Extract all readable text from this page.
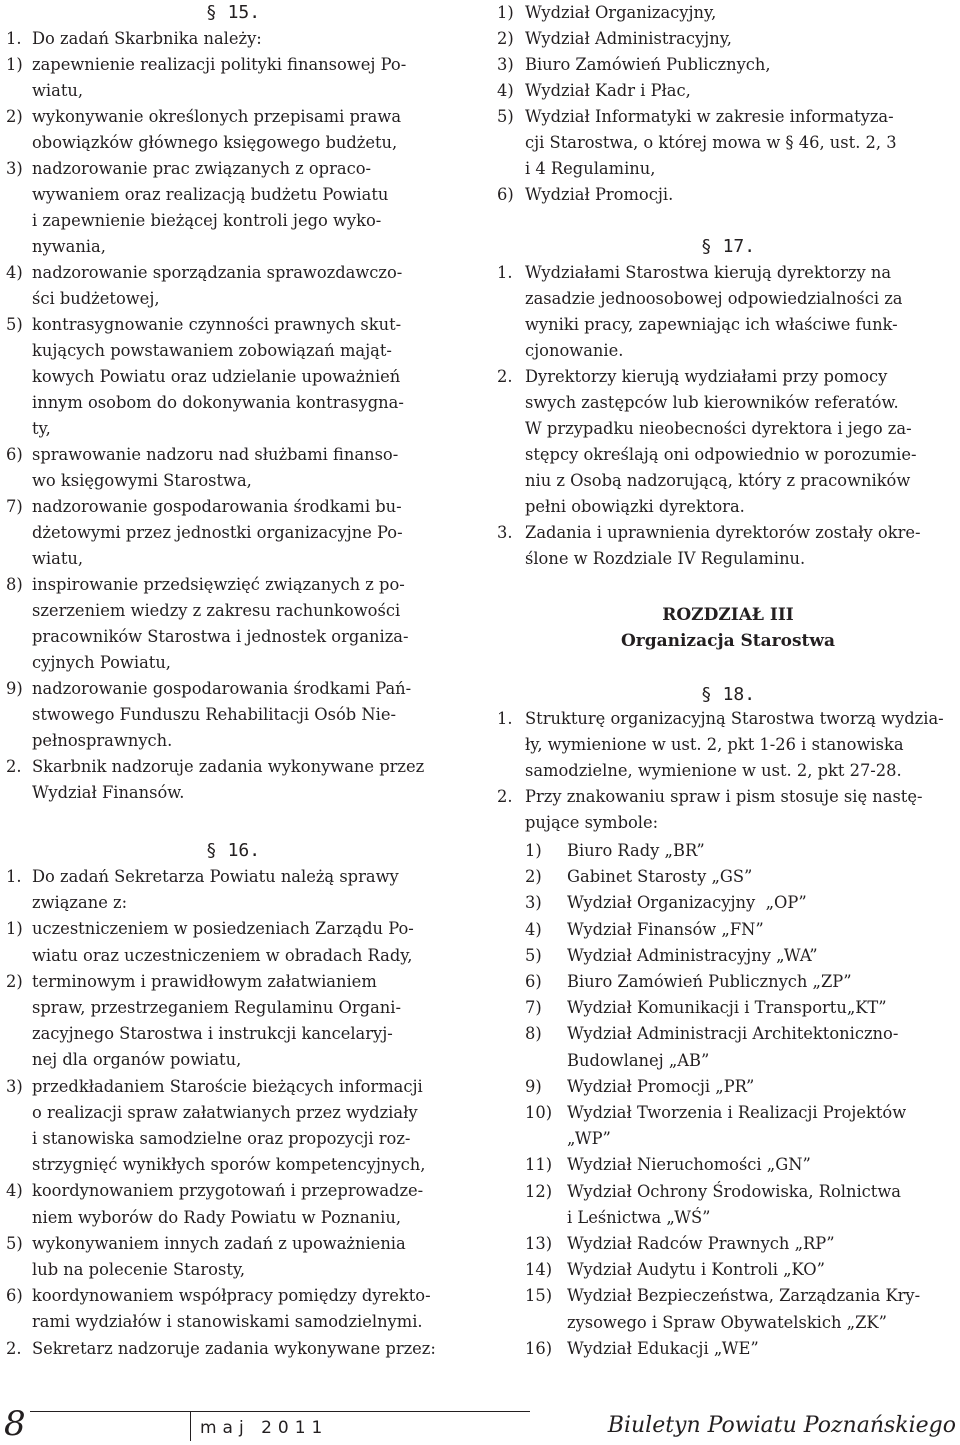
§ 15.
1. Do zadań Skarbnika należy:
1) zapewnienie realizacji polityki finansowej Po-
wiatu,
2) wykonywanie określonych przepisami prawa
obowiązków głównego księgowego budżetu,
3) nadzorowanie prac związanych z opraco-
wywaniem oraz realizacją budżetu Powiatu
i zapewnienie bieżącej kontroli jego wyko-
nywania,
4) nadzorowanie sporządzania sprawozdawczo-
ści budżetowej,
5) kontrasygnowanie czynności prawnych skut-
kujących powstawaniem zobowiązań mająt-
kowych Powiatu oraz udzielanie upoważnień
innym osobom do dokonywania kontrasygna-
ty,
6) sprawowanie nadzoru nad służbami finanso-
wo księgowymi Starostwa,
7) nadzorowanie gospodarowania środkami bu-
dżetowymi przez jednostki organizacyjne Po-
wiatu,
8) inspirowanie przedsięwzięć związanych z po-
szerzeniem wiedzy z zakresu rachunkowości
pracowników Starostwa i jednostek organiza-
cyjnych Powiatu,
9) nadzorowanie gospodarowania środkami Pań-
stwowego Funduszu Rehabilitacji Osób Nie-
pełnosprawnych.
2. Skarbnik nadzoruje zadania wykonywane przez
Wydział Finansów.
§ 16.
1. Do zadań Sekretarza Powiatu należą sprawy
związane z:
1) uczestniczeniem w posiedzeniach Zarządu Po-
wiatu oraz uczestniczeniem w obradach Rady,
2) terminowym i prawidłowym załatwianiem
spraw, przestrzeganiem Regulaminu Organi-
zacyjnego Starostwa i instrukcji kancelaryj-
nej dla organów powiatu,
3) przedkładaniem Staroście bieżących informacji
o realizacji spraw załatwianych przez wydziały
i stanowiska samodzielne oraz propozycji roz-
strzygnięć wynikłych sporów kompetencyjnych,
4) koordynowaniem przygotowań i przeprowadze-
niem wyborów do Rady Powiatu w Poznaniu,
5) wykonywaniem innych zadań z upoważnienia
lub na polecenie Starosty,
6) koordynowaniem współpracy pomiędzy dyrekto-
rami wydziałów i stanowiskami samodzielnymi.
2. Sekretarz nadzoruje zadania wykonywane przez:
1) Wydział Organizacyjny,
2) Wydział Administracyjny,
3) Biuro Zamówień Publicznych,
4) Wydział Kadr i Płac,
5) Wydział Informatyki w zakresie informatyza-
cji Starostwa, o której mowa w § 46, ust. 2, 3
i 4 Regulaminu,
6) Wydział Promocji.
§ 17.
1. Wydziałami Starostwa kierują dyrektorzy na
zasadzie jednoosobowej odpowiedzialności za
wyniki pracy, zapewniając ich właściwe funk-
cjonowanie.
2. Dyrektorzy kierują wydziałami przy pomocy
swych zastępców lub kierowników referatów.
W przypadku nieobecności dyrektora i jego za-
stępcy określają oni odpowiednio w porozumie-
niu z Osobą nadzorującą, który z pracowników
pełni obowiązki dyrektora.
3. Zadania i uprawnienia dyrektorów zostały okre-
ślone w Rozdziale IV Regulaminu.
ROZDZIAŁ III
Organizacja Starostwa
§ 18.
1. Strukturę organizacyjną Starostwa tworzą wydzia-
ły, wymienione w ust. 2, pkt 1-26 i stanowiska
samodzielne, wymienione w ust. 2, pkt 27-28.
2. Przy znakowaniu spraw i pism stosuje się nastę-
pujące symbole:
1) Biuro Rady „BR”
2) Gabinet Starosty „GS”
3) Wydział Organizacyjny  „OP”
4) Wydział Finansów „FN”
5) Wydział Administracyjny „WA”
6) Biuro Zamówień Publicznych „ZP”
7) Wydział Komunikacji i Transportu„KT”
8) Wydział Administracji Architektoniczno-
Budowlanej „AB”
9) Wydział Promocji „PR”
10) Wydział Tworzenia i Realizacji Projektów
„WP”
11) Wydział Nieruchomości „GN”
12) Wydział Ochrony Środowiska, Rolnictwa
i Leśnictwa „WŚ”
13) Wydział Radców Prawnych „RP”
14) Wydział Audytu i Kontroli „KO”
15) Wydział Bezpieczeństwa, Zarządzania Kry-
zysowego i Spraw Obywatelskich „ZK”
16) Wydział Edukacji „WE”
8	maj 2011	Biuletyn Powiatu Poznańskiego
